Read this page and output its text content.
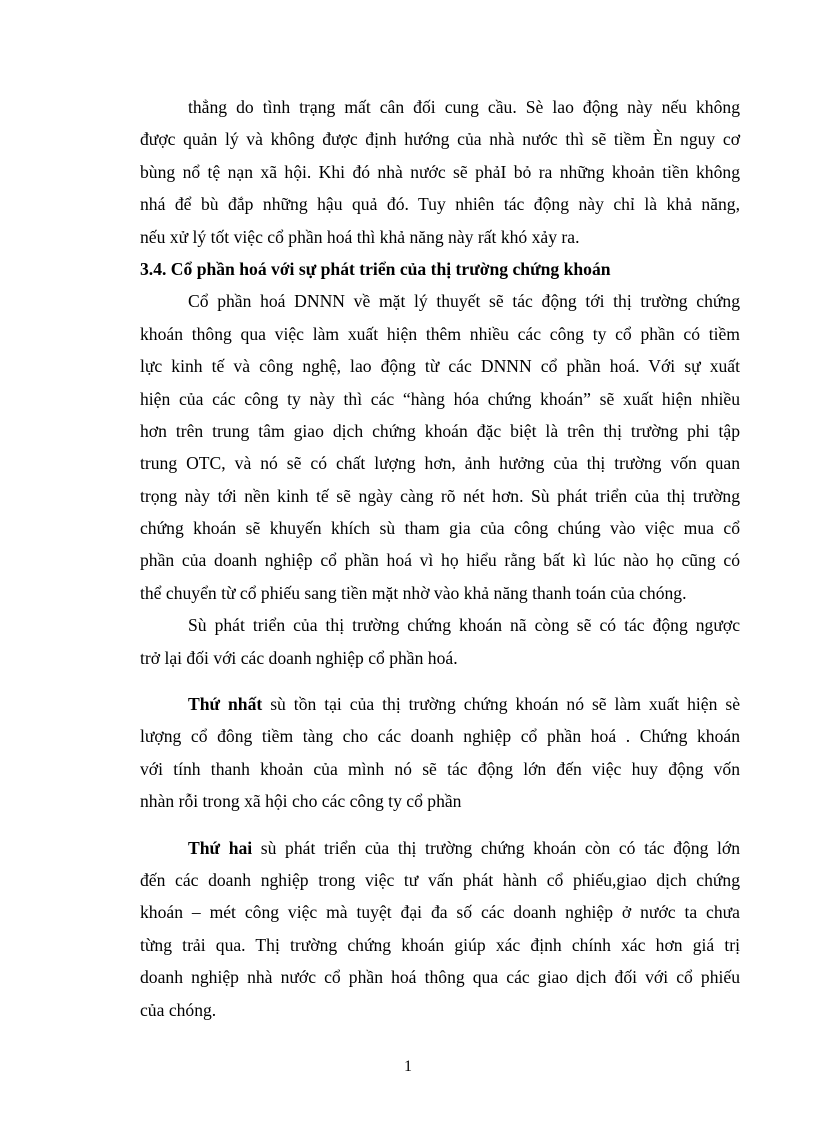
thẳng do tình trạng mất cân đối cung cầu. Sè lao động này nếu không
được quản lý và không được định hướng của nhà nước thì sẽ tiềm Èn nguy cơ
bùng nổ tệ nạn xã hội. Khi đó nhà nước sẽ phảI bỏ ra những khoản tiền không
nhá để bù đắp những hậu quả đó. Tuy nhiên tác động này chỉ là khả năng,
nếu xử lý tốt việc cổ phần hoá thì khả năng này rất khó xảy ra.
3.4. Cổ phần hoá với sự phát triển của thị trường chứng khoán
Cổ phần hoá DNNN về mặt lý thuyết sẽ tác động tới thị trường chứng
khoán thông qua việc làm xuất hiện thêm nhiều các công ty cổ phần có tiềm
lực kinh tế và công nghệ, lao động từ các DNNN cổ phần hoá. Với sự xuất
hiện của các công ty này thì các “hàng hóa chứng khoán” sẽ xuất hiện nhiều
hơn trên trung tâm giao dịch chứng khoán đặc biệt là trên thị trường phi tập
trung OTC, và nó sẽ có chất lượng hơn, ảnh hưởng của thị trường vốn quan
trọng này tới nền kinh tế sẽ ngày càng rõ nét hơn. Sù phát triển của thị trường
chứng khoán sẽ khuyến khích sù tham gia của công chúng vào việc mua cổ
phần của doanh nghiệp cổ phần hoá vì họ hiểu rằng bất kì lúc nào họ cũng có
thể chuyển từ cổ phiếu sang tiền mặt nhờ vào khả năng thanh toán của chóng.
Sù phát triển của thị trường chứng khoán nã còng sẽ có tác động ngược
trở lại đối với các doanh nghiệp cổ phần hoá.
Thứ nhất sù tồn tại của thị trường chứng khoán nó sẽ làm xuất hiện sè
lượng cổ đông tiềm tàng cho các doanh nghiệp cổ phần hoá . Chứng khoán
với tính thanh khoản của mình nó sẽ tác động lớn đến việc huy động vốn
nhàn rỗi trong xã hội cho các công ty cổ phần
Thứ hai sù phát triển của thị trường chứng khoán còn có tác động lớn
đến các doanh nghiệp trong việc tư vấn phát hành cổ phiếu,giao dịch chứng
khoán – mét công việc mà tuyệt đại đa số các doanh nghiệp ở nước ta chưa
từng trải qua. Thị trường chứng khoán giúp xác định chính xác hơn giá trị
doanh nghiệp nhà nước cổ phần hoá thông qua các giao dịch đối với cổ phiếu
của chóng.
1
